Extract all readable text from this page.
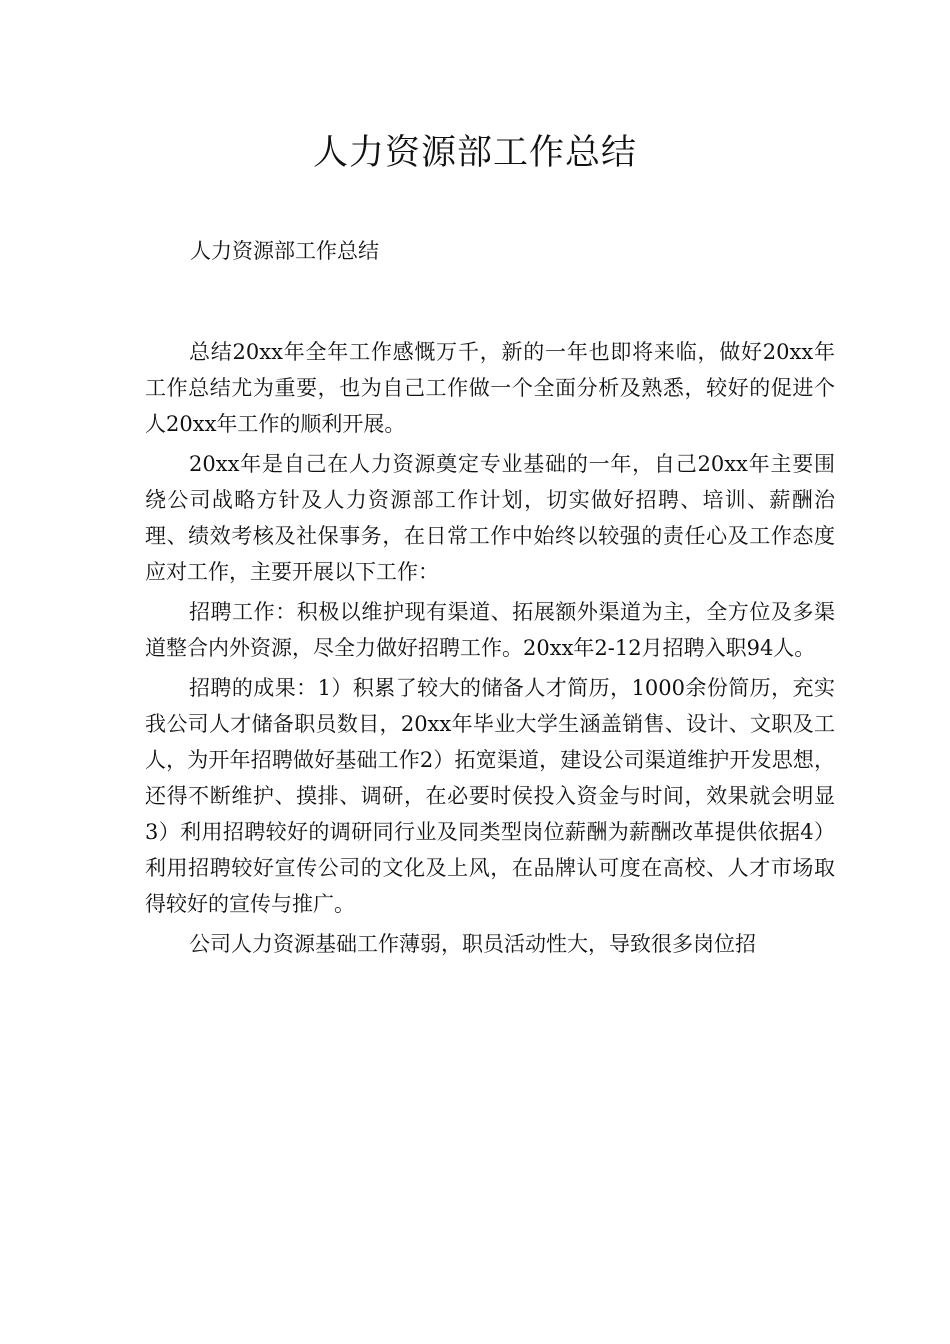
人力资源部工作总结

人力资源部工作总结

总结20xx年全年工作感慨万千，新的一年也即将来临，做好20xx年工作总结尤为重要，也为自己工作做一个全面分析及熟悉，较好的促进个人20xx年工作的顺利开展。

20xx年是自己在人力资源奠定专业基础的一年，自己20xx年主要围绕公司战略方针及人力资源部工作计划，切实做好招聘、培训、薪酬治理、绩效考核及社保事务，在日常工作中始终以较强的责任心及工作态度应对工作，主要开展以下工作：

招聘工作：积极以维护现有渠道、拓展额外渠道为主，全方位及多渠道整合内外资源，尽全力做好招聘工作。20xx年2-12月招聘入职94人。

招聘的成果：1）积累了较大的储备人才简历，1000余份简历，充实我公司人才储备职员数目，20xx年毕业大学生涵盖销售、设计、文职及工人，为开年招聘做好基础工作2）拓宽渠道，建设公司渠道维护开发思想，还得不断维护、摸排、调研，在必要时侯投入资金与时间，效果就会明显3）利用招聘较好的调研同行业及同类型岗位薪酬为薪酬改革提供依据4）利用招聘较好宣传公司的文化及上风，在品牌认可度在高校、人才市场取得较好的宣传与推广。

公司人力资源基础工作薄弱，职员活动性大，导致很多岗位招
